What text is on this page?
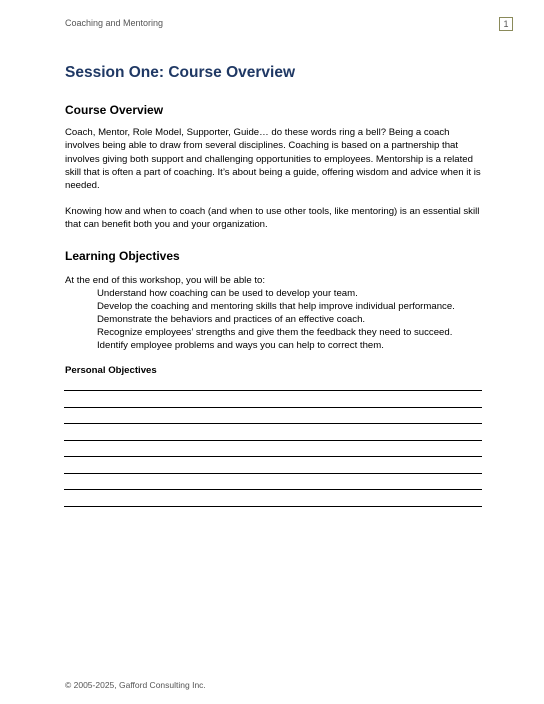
Coaching and Mentoring	1
Session One: Course Overview
Course Overview

Coach, Mentor, Role Model, Supporter, Guide… do these words ring a bell? Being a coach involves being able to draw from several disciplines. Coaching is based on a partnership that involves giving both support and challenging opportunities to employees. Mentorship is a related skill that is often a part of coaching. It’s about being a guide, offering wisdom and advice when it is needed.

Knowing how and when to coach (and when to use other tools, like mentoring) is an essential skill that can benefit both you and your organization.

Learning Objectives

At the end of this workshop, you will be able to:

Understand how coaching can be used to develop your team.
Develop the coaching and mentoring skills that help improve individual performance.
Demonstrate the behaviors and practices of an effective coach.
Recognize employees’ strengths and give them the feedback they need to succeed.
Identify employee problems and ways you can help to correct them.
Personal Objectives
© 2005-2025, Gafford Consulting Inc.
